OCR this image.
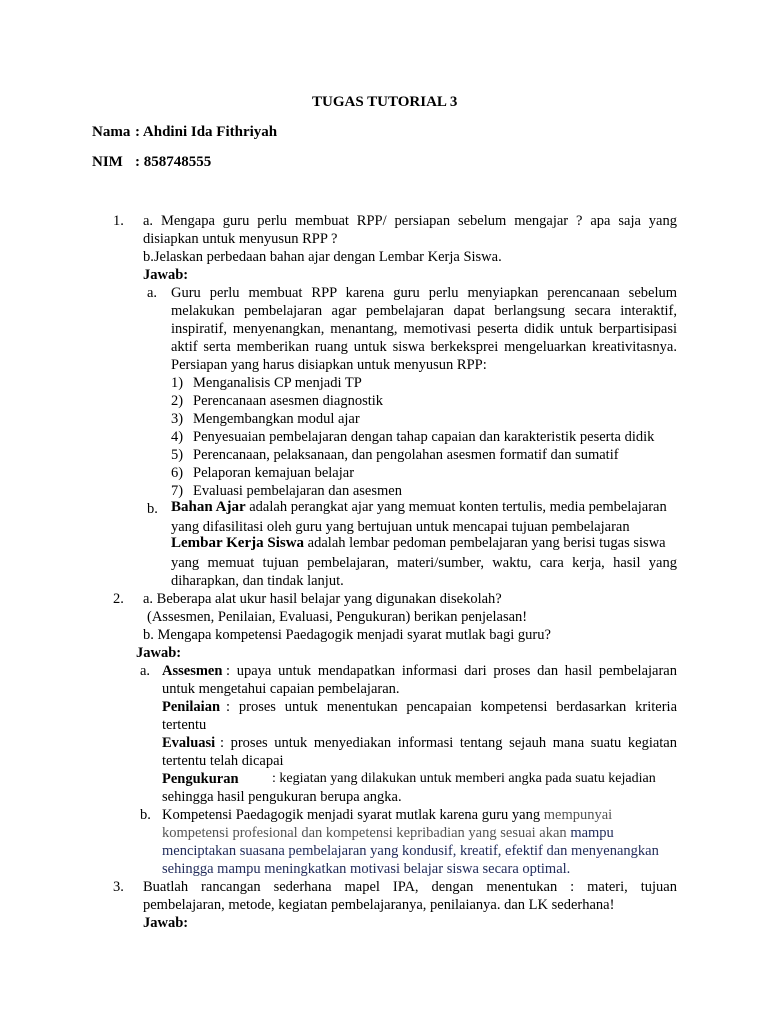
TUGAS TUTORIAL 3
Nama : Ahdini Ida Fithriyah
NIM : 858748555
1. a. Mengapa guru perlu membuat RPP/ persiapan sebelum mengajar ? apa saja yang
disiapkan untuk menyusun RPP ?
b.Jelaskan perbedaan bahan ajar dengan Lembar Kerja Siswa.
Jawab:
a. Guru perlu membuat RPP karena guru perlu menyiapkan perencanaan sebelum
melakukan pembelajaran agar pembelajaran dapat berlangsung secara interaktif,
inspiratif, menyenangkan, menantang, memotivasi peserta didik untuk berpartisipasi
aktif serta memberikan ruang untuk siswa berkeksprei mengeluarkan kreativitasnya.
Persiapan yang harus disiapkan untuk menyusun RPP:
1) Menganalisis CP menjadi TP
2) Perencanaan asesmen diagnostik
3) Mengembangkan modul ajar
4) Penyesuaian pembelajaran dengan tahap capaian dan karakteristik peserta didik
5) Perencanaan, pelaksanaan, dan pengolahan asesmen formatif dan sumatif
6) Pelaporan kemajuan belajar
7) Evaluasi pembelajaran dan asesmen
b. Bahan Ajar adalah perangkat ajar yang memuat konten tertulis, media pembelajaran
yang difasilitasi oleh guru yang bertujuan untuk mencapai tujuan pembelajaran
Lembar Kerja Siswa adalah lembar pedoman pembelajaran yang berisi tugas siswa
yang memuat tujuan pembelajaran, materi/sumber, waktu, cara kerja, hasil yang
diharapkan, dan tindak lanjut.
2. a. Beberapa alat ukur hasil belajar yang digunakan disekolah?
(Assesmen, Penilaian, Evaluasi, Pengukuran) berikan penjelasan!
b. Mengapa kompetensi Paedagogik menjadi syarat mutlak bagi guru?
Jawab:
a. Assesmen : upaya untuk mendapatkan informasi dari proses dan hasil pembelajaran
untuk mengetahui capaian pembelajaran.
Penilaian : proses untuk menentukan pencapaian kompetensi berdasarkan kriteria
tertentu
Evaluasi : proses untuk menyediakan informasi tentang sejauh mana suatu kegiatan
tertentu telah dicapai
Pengukuran : kegiatan yang dilakukan untuk memberi angka pada suatu kejadian
sehingga hasil pengukuran berupa angka.
b. Kompetensi Paedagogik menjadi syarat mutlak karena guru yang mempunyai
kompetensi profesional dan kompetensi kepribadian yang sesuai akan mampu
menciptakan suasana pembelajaran yang kondusif, kreatif, efektif dan menyenangkan
sehingga mampu meningkatkan motivasi belajar siswa secara optimal.
3. Buatlah rancangan sederhana mapel IPA, dengan menentukan : materi, tujuan
pembelajaran, metode, kegiatan pembelajaranya, penilaianya. dan LK sederhana!
Jawab:
